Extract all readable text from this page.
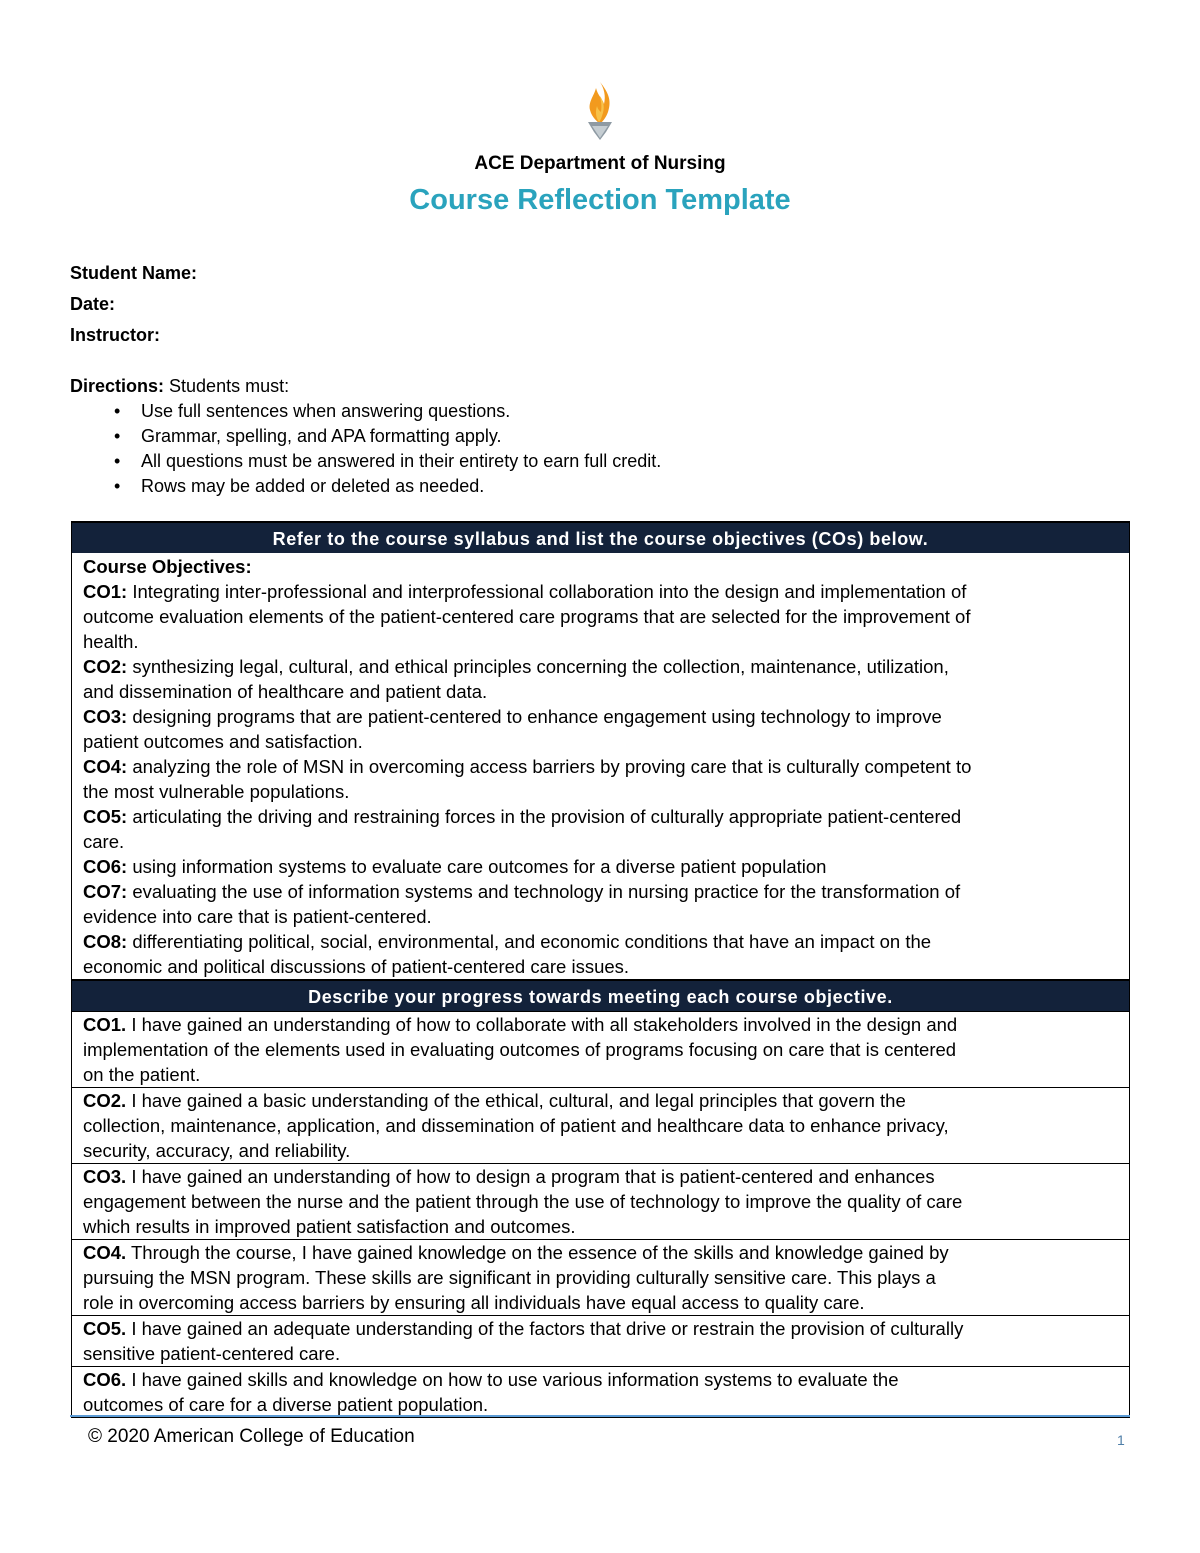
ACE Department of Nursing
Course Reflection Template
Student Name:
Date:
Instructor:
Directions: Students must:
• Use full sentences when answering questions.
• Grammar, spelling, and APA formatting apply.
• All questions must be answered in their entirety to earn full credit.
• Rows may be added or deleted as needed.
Refer to the course syllabus and list the course objectives (COs) below.
Course Objectives:
CO1: Integrating inter-professional and interprofessional collaboration into the design and implementation of
outcome evaluation elements of the patient-centered care programs that are selected for the improvement of
health.
CO2: synthesizing legal, cultural, and ethical principles concerning the collection, maintenance, utilization,
and dissemination of healthcare and patient data.
CO3: designing programs that are patient-centered to enhance engagement using technology to improve
patient outcomes and satisfaction.
CO4: analyzing the role of MSN in overcoming access barriers by proving care that is culturally competent to
the most vulnerable populations.
CO5: articulating the driving and restraining forces in the provision of culturally appropriate patient-centered
care.
CO6: using information systems to evaluate care outcomes for a diverse patient population
CO7: evaluating the use of information systems and technology in nursing practice for the transformation of
evidence into care that is patient-centered.
CO8: differentiating political, social, environmental, and economic conditions that have an impact on the
economic and political discussions of patient-centered care issues.
Describe your progress towards meeting each course objective.
CO1. I have gained an understanding of how to collaborate with all stakeholders involved in the design and
implementation of the elements used in evaluating outcomes of programs focusing on care that is centered
on the patient.
CO2. I have gained a basic understanding of the ethical, cultural, and legal principles that govern the
collection, maintenance, application, and dissemination of patient and healthcare data to enhance privacy,
security, accuracy, and reliability.
CO3. I have gained an understanding of how to design a program that is patient-centered and enhances
engagement between the nurse and the patient through the use of technology to improve the quality of care
which results in improved patient satisfaction and outcomes.
CO4. Through the course, I have gained knowledge on the essence of the skills and knowledge gained by
pursuing the MSN program. These skills are significant in providing culturally sensitive care. This plays a
role in overcoming access barriers by ensuring all individuals have equal access to quality care.
CO5. I have gained an adequate understanding of the factors that drive or restrain the provision of culturally
sensitive patient-centered care.
CO6. I have gained skills and knowledge on how to use various information systems to evaluate the
outcomes of care for a diverse patient population.
© 2020 American College of Education	1
